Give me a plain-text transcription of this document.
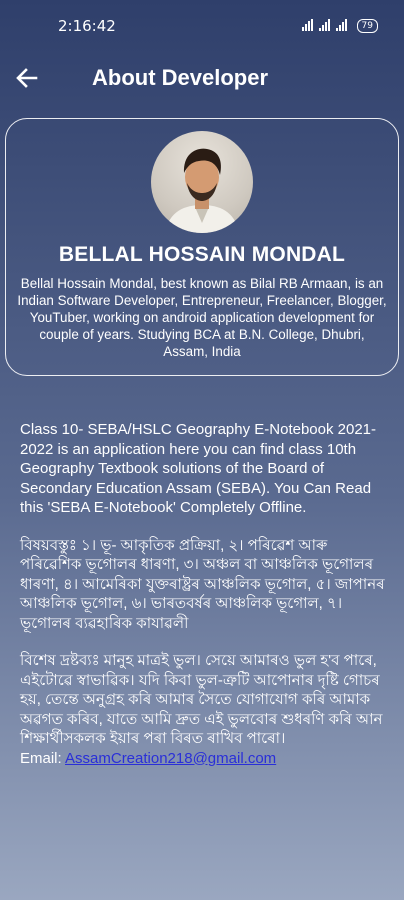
2:16:42	79
About Developer
BELLAL HOSSAIN MONDAL
Bellal Hossain Mondal, best known as Bilal RB Armaan, is an Indian Software Developer, Entrepreneur, Freelancer, Blogger, YouTuber, working on android application development for couple of years. Studying BCA at B.N. College, Dhubri, Assam, India

Class 10- SEBA/HSLC Geography E-Notebook 2021-2022 is an application here you can find class 10th Geography Textbook solutions of the Board of Secondary Education Assam (SEBA). You Can Read this 'SEBA E-Notebook' Completely Offline.

বিষয়বস্তুঃ ১। ভূ- আকৃতিক প্ৰক্ৰিয়া, ২। পৰিৱেশ আৰু পৰিৱেশিক ভূগোলৰ ধাৰণা, ৩। অঞ্চল বা আঞ্চলিক ভূগোলৰ ধাৰণা, ৪। আমেৰিকা যুক্তৰাষ্ট্ৰৰ আঞ্চলিক ভূগোল, ৫। জাপানৰ আঞ্চলিক ভূগোল, ৬। ভাৰতবৰ্ষৰ আঞ্চলিক ভূগোল, ৭। ভূগোলৰ ব্যৱহাৰিক কাযাৱলী

বিশেষ দ্ৰষ্টব্যঃ মানুহ মাত্ৰই ভুল। সেয়ে আমাৰও ভুল হ'ব পাৰে, এইটোৱে স্বাভাৱিক। যদি কিবা ভুল-ত্ৰুটি আপোনাৰ দৃষ্টি গোচৰ হয়, তেন্তে অনুগ্ৰহ কৰি আমাৰ সৈতে যোগাযোগ কৰি আমাক অৱগত কৰিব, যাতে আমি দ্ৰুত এই ভুলবোৰ শুধৰণি কৰি আন শিক্ষাৰ্থীসকলক ইয়াৰ পৰা বিৰত ৰাখিব পাৰো।

Email: AssamCreation218@gmail.com
